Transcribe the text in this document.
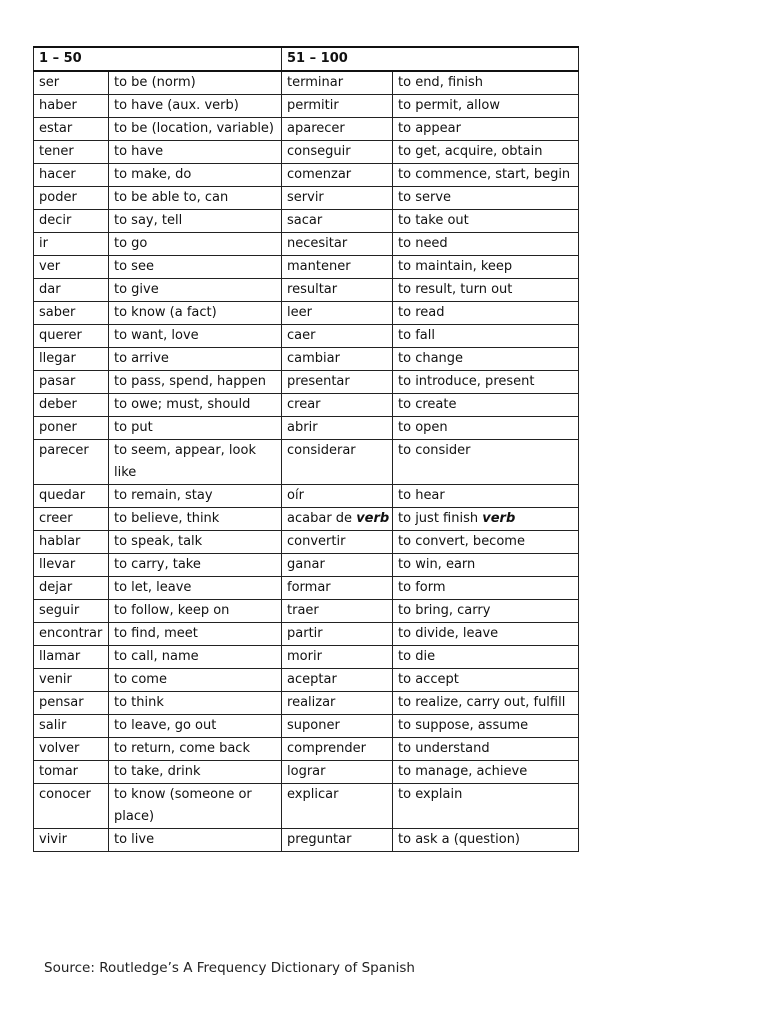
1 – 50		51 – 100	
ser	to be (norm)	terminar	to end, finish
haber	to have (aux. verb)	permitir	to permit, allow
estar	to be (location, variable)	aparecer	to appear
tener	to have	conseguir	to get, acquire, obtain
hacer	to make, do	comenzar	to commence, start, begin
poder	to be able to, can	servir	to serve
decir	to say, tell	sacar	to take out
ir	to go	necesitar	to need
ver	to see	mantener	to maintain, keep
dar	to give	resultar	to result, turn out
saber	to know (a fact)	leer	to read
querer	to want, love	caer	to fall
llegar	to arrive	cambiar	to change
pasar	to pass, spend, happen	presentar	to introduce, present
deber	to owe; must, should	crear	to create
poner	to put	abrir	to open
parecer	to seem, appear, look like	considerar	to consider
quedar	to remain, stay	oír	to hear
creer	to believe, think	acabar de verb	to just finish verb
hablar	to speak, talk	convertir	to convert, become
llevar	to carry, take	ganar	to win, earn
dejar	to let, leave	formar	to form
seguir	to follow, keep on	traer	to bring, carry
encontrar	to find, meet	partir	to divide, leave
llamar	to call, name	morir	to die
venir	to come	aceptar	to accept
pensar	to think	realizar	to realize, carry out, fulfill
salir	to leave, go out	suponer	to suppose, assume
volver	to return, come back	comprender	to understand
tomar	to take, drink	lograr	to manage, achieve
conocer	to know (someone or place)	explicar	to explain
vivir	to live	preguntar	to ask a (question)
Source: Routledge’s A Frequency Dictionary of Spanish
